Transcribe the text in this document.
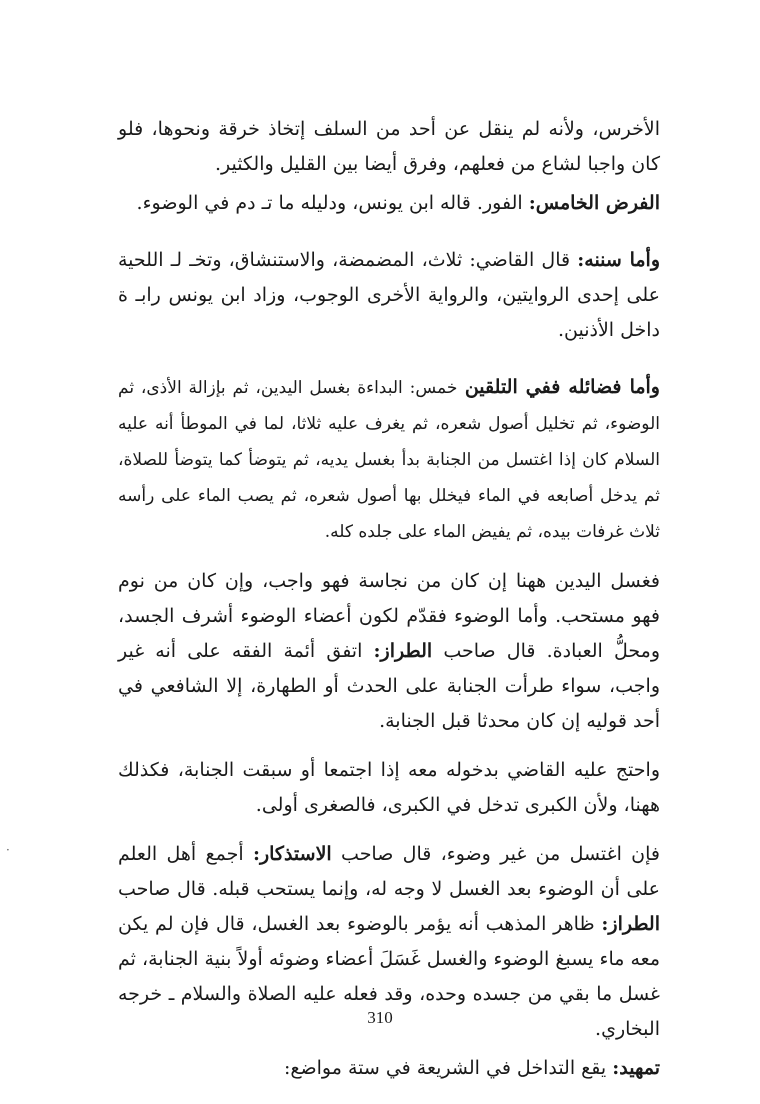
الأخرس، ولأنه لم ينقل عن أحد من السلف إتخاذ خرقة ونحوها، فلو كان واجبا لشاع من فعلهم، وفرق أيضا بين القليل والكثير.

الفرض الخامس: الفور. قاله ابن يونس، ودليله ما تـ دم في الوضوء.

وأما سننه: قال القاضي: ثلاث، المضمضة، والاستنشاق، وتخـ لـ اللحية على إحدى الروايتين، والرواية الأخرى الوجوب، وزاد ابن يونس رابـ ة داخل الأذنين.

وأما فضائله ففي التلقين خمس: البداءة بغسل اليدين، ثم بإزالة الأذى، ثم الوضوء، ثم تخليل أصول شعره، ثم يغرف عليه ثلاثا، لما في الموطأ أنه عليه السلام كان إذا اغتسل من الجنابة بدأ بغسل يديه، ثم يتوضأ كما يتوضأ للصلاة، ثم يدخل أصابعه في الماء فيخلل بها أصول شعره، ثم يصب الماء على رأسه ثلاث غرفات بيده، ثم يفيض الماء على جلده كله.

فغسل اليدين ههنا إن كان من نجاسة فهو واجب، وإن كان من نوم فهو مستحب. وأما الوضوء فقدّم لكون أعضاء الوضوء أشرف الجسد، ومحلُّ العبادة. قال صاحب الطراز: اتفق أئمة الفقه على أنه غير واجب، سواء طرأت الجنابة على الحدث أو الطهارة، إلا الشافعي في أحد قوليه إن كان محدثا قبل الجنابة.

واحتج عليه القاضي بدخوله معه إذا اجتمعا أو سبقت الجنابة، فكذلك ههنا، ولأن الكبرى تدخل في الكبرى، فالصغرى أولى.

فإن اغتسل من غير وضوء، قال صاحب الاستذكار: أجمع أهل العلم على أن الوضوء بعد الغسل لا وجه له، وإنما يستحب قبله. قال صاحب الطراز: ظاهر المذهب أنه يؤمر بالوضوء بعد الغسل، قال فإن لم يكن معه ماء يسبغ الوضوء والغسل غَسَلَ أعضاء وضوئه أولاً بنية الجنابة، ثم غسل ما بقي من جسده وحده، وقد فعله عليه الصلاة والسلام ـ خرجه البخاري.

تمهيد: يقع التداخل في الشريعة في ستة مواضع:

310
·
